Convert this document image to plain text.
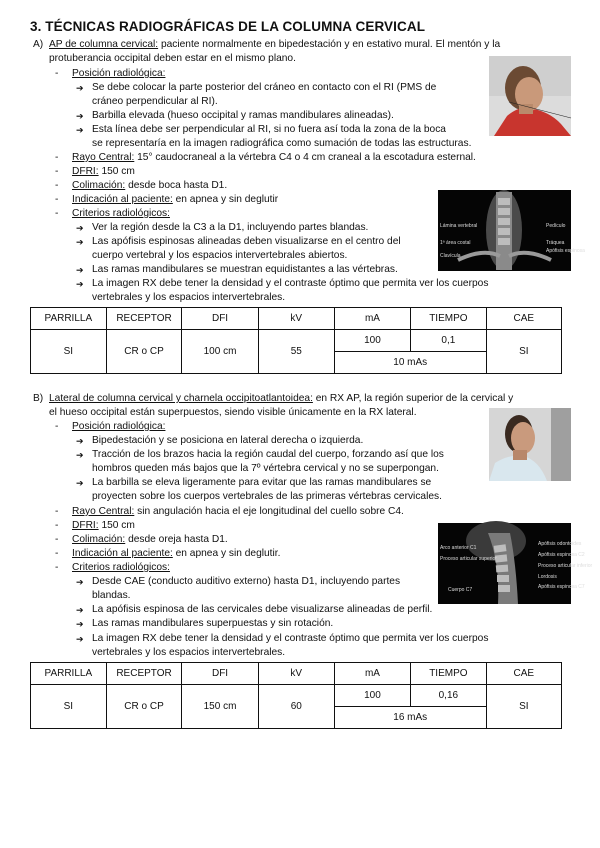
3. TÉCNICAS RADIOGRÁFICAS DE LA COLUMNA CERVICAL
A) AP de columna cervical: paciente normalmente en bipedestación y en estativo mural. El mentón y la
protuberancia occipital deben estar en el mismo plano.
- Posición radiológica:
➔ Se debe colocar la parte posterior del cráneo en contacto con el RI (PMS de
cráneo perpendicular al RI).
➔ Barbilla elevada (hueso occipital y ramas mandibulares alineadas).
➔ Esta línea debe ser perpendicular al RI, si no fuera así toda la zona de la boca
se representaría en la imagen radiográfica como sumación de todas las estructuras.
- Rayo Central: 15° caudocraneal a la vértebra C4 o 4 cm craneal a la escotadura esternal.
- DFRI: 150 cm
- Colimación: desde boca hasta D1.
- Indicación al paciente: en apnea y sin deglutir
- Criterios radiológicos:
➔ Ver la región desde la C3 a la D1, incluyendo partes blandas.
➔ Las apófisis espinosas alineadas deben visualizarse en el centro del
cuerpo vertebral y los espacios intervertebrales abiertos.
➔ Las ramas mandibulares se muestran equidistantes a las vértebras.
➔ La imagen RX debe tener la densidad y el contraste óptimo que permita ver los cuerpos
vertebrales y los espacios intervertebrales.
Lámina vertebral
1ª área costal
Clavícula
Pedículo
Tráquea
Apófisis espinosa
PARRILLA	RECEPTOR	DFI	kV	mA	TIEMPO	CAE
SI	CR o CP	100 cm	55	100	0,1	SI
				10 mAs		
B) Lateral de columna cervical y charnela occipitoatlantoidea: en RX AP, la región superior de la cervical y
el hueso occipital están superpuestos, siendo visible únicamente en la RX lateral.
- Posición radiológica:
➔ Bipedestación y se posiciona en lateral derecha o izquierda.
➔ Tracción de los brazos hacia la región caudal del cuerpo, forzando así que los
hombros queden más bajos que la 7º vértebra cervical y no se superpongan.
➔ La barbilla se eleva ligeramente para evitar que las ramas mandibulares se
proyecten sobre los cuerpos vertebrales de las primeras vértebras cervicales.
- Rayo Central: sin angulación hacia el eje longitudinal del cuello sobre C4.
- DFRI: 150 cm
- Colimación: desde oreja hasta D1.
- Indicación al paciente: en apnea y sin deglutir.
- Criterios radiológicos:
➔ Desde CAE (conducto auditivo externo) hasta D1, incluyendo partes
blandas.
➔ La apófisis espinosa de las cervicales debe visualizarse alineadas de perfil.
➔ Las ramas mandibulares superpuestas y sin rotación.
➔ La imagen RX debe tener la densidad y el contraste óptimo que permita ver los cuerpos
vertebrales y los espacios intervertebrales.
Arco anterior C1
Proceso articular superior
Cuerpo C7
Apófisis odontoides
Apófisis espinosa C2
Proceso articular inferior
Lordosis
Apófisis espinosa C7
PARRILLA	RECEPTOR	DFI	kV	mA	TIEMPO	CAE
SI	CR o CP	150 cm	60	100	0,16	SI
				16 mAs		
